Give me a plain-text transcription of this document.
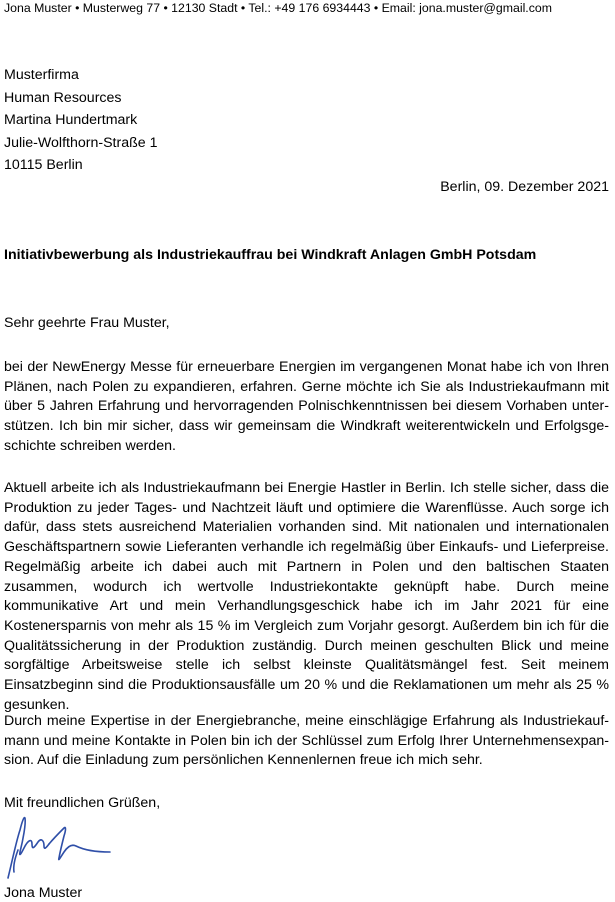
Jona Muster • Musterweg 77 • 12130 Stadt • Tel.: +49 176 6934443 • Email: jona.muster@gmail.com
Musterfirma
Human Resources
Martina Hundertmark
Julie-Wolfthorn-Straße 1
10115 Berlin
Berlin, 09. Dezember 2021
Initiativbewerbung als Industriekauffrau bei Windkraft Anlagen GmbH Potsdam
Sehr geehrte Frau Muster,
bei der NewEnergy Messe für erneuerbare Energien im vergangenen Monat habe ich von Ihren Plänen, nach Polen zu expandieren, erfahren. Gerne möchte ich Sie als Industriekaufmann mit über 5 Jahren Erfahrung und hervorragenden Polnischkenntnissen bei diesem Vorhaben unterstützen. Ich bin mir sicher, dass wir gemeinsam die Windkraft weiterentwickeln und Erfolgsgeschichte schreiben werden.
Aktuell arbeite ich als Industriekaufmann bei Energie Hastler in Berlin. Ich stelle sicher, dass die Produktion zu jeder Tages- und Nachtzeit läuft und optimiere die Warenflüsse. Auch sorge ich dafür, dass stets ausreichend Materialien vorhanden sind. Mit nationalen und internationalen Geschäftspartnern sowie Lieferanten verhandle ich regelmäßig über Einkaufs- und Lieferpreise. Regelmäßig arbeite ich dabei auch mit Partnern in Polen und den baltischen Staaten zusammen, wodurch ich wertvolle Industriekontakte geknüpft habe. Durch meine kommunikative Art und mein Verhandlungsgeschick habe ich im Jahr 2021 für eine Kostenersparnis von mehr als 15 % im Vergleich zum Vorjahr gesorgt. Außerdem bin ich für die Qualitätssicherung in der Produktion zuständig. Durch meinen geschulten Blick und meine sorgfältige Arbeitsweise stelle ich selbst kleinste Qualitätsmängel fest. Seit meinem Einsatzbeginn sind die Produktionsausfälle um 20 % und die Reklamationen um mehr als 25 % gesunken.
Durch meine Expertise in der Energiebranche, meine einschlägige Erfahrung als Industriekaufmann und meine Kontakte in Polen bin ich der Schlüssel zum Erfolg Ihrer Unternehmensexpansion. Auf die Einladung zum persönlichen Kennenlernen freue ich mich sehr.
Mit freundlichen Grüßen,
Jona Muster
